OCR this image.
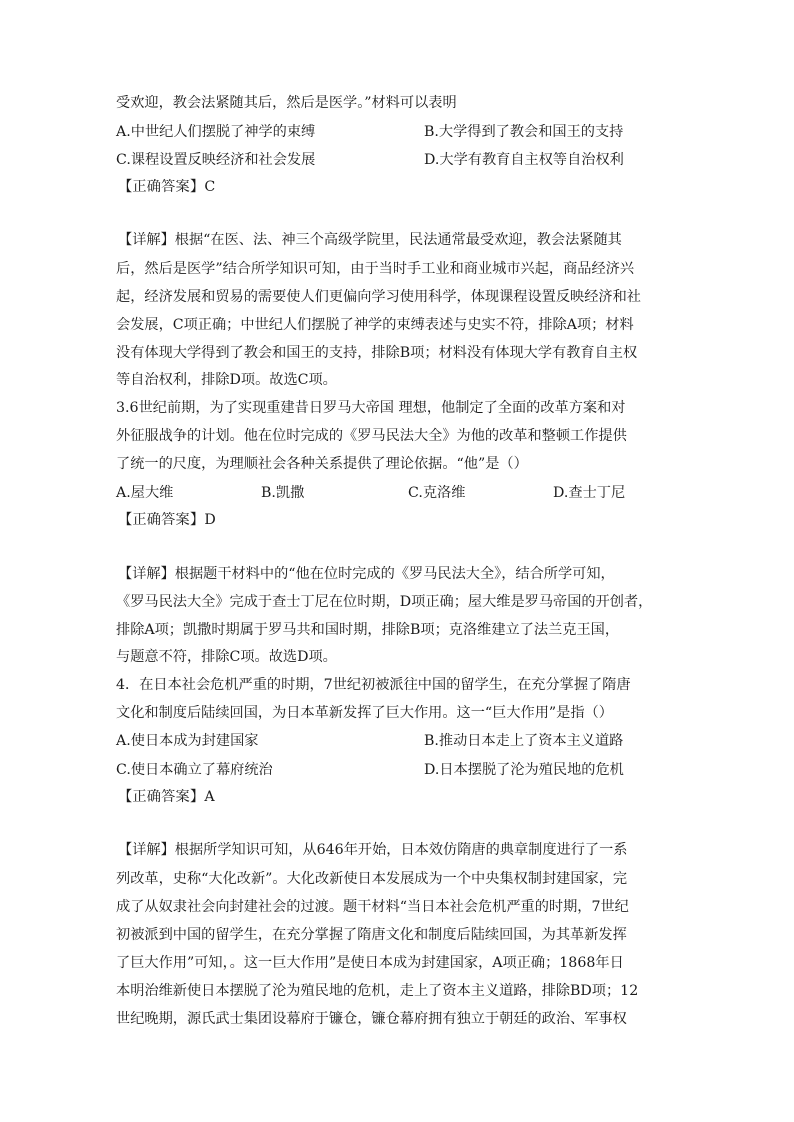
受欢迎，教会法紧随其后，然后是医学。”材料可以表明
A.中世纪人们摆脱了神学的束缚	B.大学得到了教会和国王的支持
C.课程设置反映经济和社会发展	D.大学有教育自主权等自治权利
【正确答案】C
【详解】根据“在医、法、神三个高级学院里，民法通常最受欢迎，教会法紧随其
后，然后是医学”结合所学知识可知，由于当时手工业和商业城市兴起，商品经济兴
起，经济发展和贸易的需要使人们更偏向学习使用科学，体现课程设置反映经济和社
会发展，C项正确；中世纪人们摆脱了神学的束缚表述与史实不符，排除A项；材料
没有体现大学得到了教会和国王的支持，排除B项；材料没有体现大学有教育自主权
等自治权利，排除D项。故选C项。
3.6世纪前期，为了实现重建昔日罗马大帝国 理想，他制定了全面的改革方案和对
外征服战争的计划。他在位时完成的《罗马民法大全》为他的改革和整顿工作提供
了统一的尺度，为理顺社会各种关系提供了理论依据。“他”是（）
A.屋大维	B.凯撒	C.克洛维	D.查士丁尼
【正确答案】D
【详解】根据题干材料中的“他在位时完成的《罗马民法大全》，结合所学可知，
《罗马民法大全》完成于查士丁尼在位时期，D项正确；屋大维是罗马帝国的开创者，
排除A项；凯撒时期属于罗马共和国时期，排除B项；克洛维建立了法兰克王国，
与题意不符，排除C项。故选D项。
4．在日本社会危机严重的时期，7世纪初被派往中国的留学生，在充分掌握了隋唐
文化和制度后陆续回国，为日本革新发挥了巨大作用。这一“巨大作用”是指（）
A.使日本成为封建国家	B.推动日本走上了资本主义道路
C.使日本确立了幕府统治	D.日本摆脱了沦为殖民地的危机
【正确答案】A
【详解】根据所学知识可知，从646年开始，日本效仿隋唐的典章制度进行了一系
列改革，史称“大化改新”。大化改新使日本发展成为一个中央集权制封建国家，完
成了从奴隶社会向封建社会的过渡。题干材料“当日本社会危机严重的时期，7世纪
初被派到中国的留学生，在充分掌握了隋唐文化和制度后陆续回国，为其革新发挥
了巨大作用”可知，。这一巨大作用”是使日本成为封建国家，A项正确；1868年日
本明治维新使日本摆脱了沦为殖民地的危机，走上了资本主义道路，排除BD项；12
世纪晚期，源氏武士集团设幕府于镰仓，镰仓幕府拥有独立于朝廷的政治、军事权
